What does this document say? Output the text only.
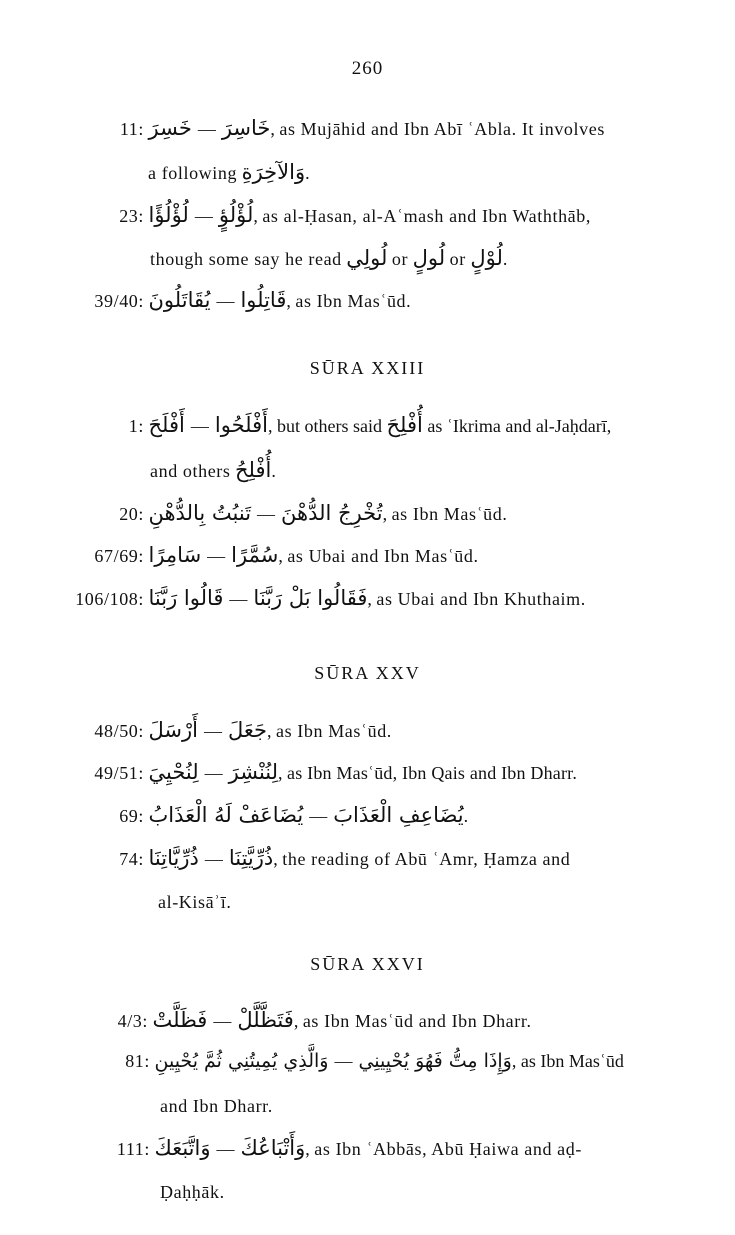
260
11: خَسِرَ — خَاسِرَ, as Mujāhid and Ibn Abī ʿAbla. It involves
a following وَالآخِرَةِ.
23: لُؤْلُؤًا — لُؤْلُؤٍ, as al-Ḥasan, al-Aʿmash and Ibn Waththāb,
though some say he read لُولِي or لُولٍ or لُوْلٍ.
39/40: يُقَاتَلُونَ — قَاتِلُوا, as Ibn Masʿūd.
SŪRA XXIII
1: أَفْلَحَ — أَفْلَحُوا, but others said أُفْلِحَ as ʿIkrima and al-Jaḥdarī,
and others أُفْلِحُ.
20: تَنبُتُ بِالدُّهْنِ — تُخْرِجُ الدُّهْنَ, as Ibn Masʿūd.
67/69: سَامِرًا — سُمَّرًا, as Ubai and Ibn Masʿūd.
106/108: قَالُوا رَبَّنَا — فَقَالُوا بَلْ رَبَّنَا, as Ubai and Ibn Khuthaim.
SŪRA XXV
48/50: أَرْسَلَ — جَعَلَ, as Ibn Masʿūd.
49/51: لِنُحْيِيَ — لِنُنْشِرَ, as Ibn Masʿūd, Ibn Qais and Ibn Dharr.
69: يُضَاعَفْ لَهُ الْعَذَابُ — يُضَاعِفِ الْعَذَابَ.
74: ذُرِّيَّاتِنَا — ذُرِّيَّتِنَا, the reading of Abū ʿAmr, Ḥamza and
al-Kisāʾī.
SŪRA XXVI
4/3: فَظَلَّتْ — فَتَظَّلَّلْ, as Ibn Masʿūd and Ibn Dharr.
81: وَالَّذِي يُمِيتُنِي ثُمَّ يُحْيِينِ — وَإِذَا مِتُّ فَهُوَ يُحْيِينِي, as Ibn Masʿūd
and Ibn Dharr.
111: وَاتَّبَعَكَ — وَأَتْبَاعُكَ, as Ibn ʿAbbās, Abū Ḥaiwa and aḍ-
Ḍaḥḥāk.
